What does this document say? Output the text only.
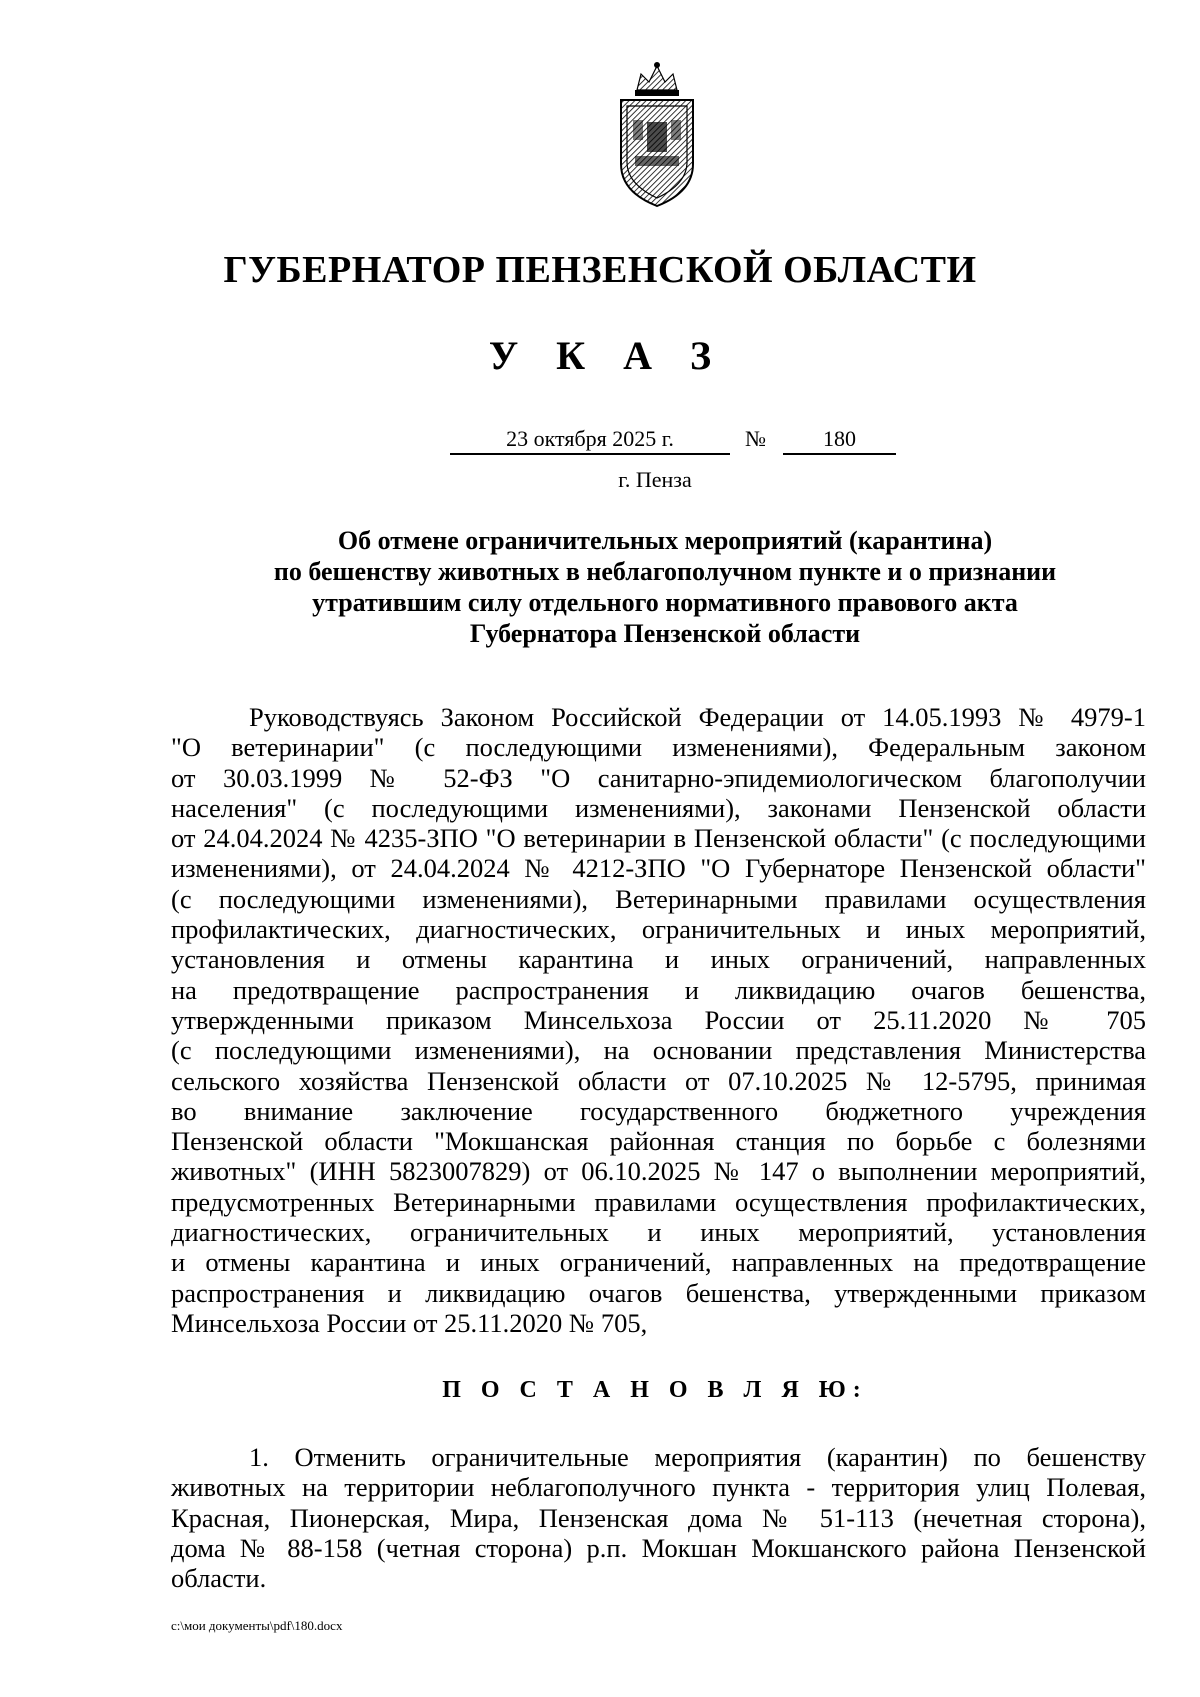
ГУБЕРНАТОР ПЕНЗЕНСКОЙ ОБЛАСТИ
У К А З
23 октября 2025 г.	№	180
г. Пенза
Об отмене ограничительных мероприятий (карантина)
по бешенству животных в неблагополучном пункте и о признании
утратившим силу отдельного нормативного правового акта
Губернатора Пензенской области
Руководствуясь Законом Российской Федерации от 14.05.1993 № 4979-1
"О ветеринарии" (с последующими изменениями), Федеральным законом
от 30.03.1999 № 52-ФЗ "О санитарно-эпидемиологическом благополучии
населения" (с последующими изменениями), законами Пензенской области
от 24.04.2024 № 4235-ЗПО "О ветеринарии в Пензенской области" (с последующими
изменениями), от 24.04.2024 № 4212-ЗПО "О Губернаторе Пензенской области"
(с последующими изменениями), Ветеринарными правилами осуществления
профилактических, диагностических, ограничительных и иных мероприятий,
установления и отмены карантина и иных ограничений, направленных
на предотвращение распространения и ликвидацию очагов бешенства,
утвержденными приказом Минсельхоза России от 25.11.2020 № 705
(с последующими изменениями), на основании представления Министерства
сельского хозяйства Пензенской области от 07.10.2025 № 12-5795, принимая
во внимание заключение государственного бюджетного учреждения
Пензенской области "Мокшанская районная станция по борьбе с болезнями
животных" (ИНН 5823007829) от 06.10.2025 № 147 о выполнении мероприятий,
предусмотренных Ветеринарными правилами осуществления профилактических,
диагностических, ограничительных и иных мероприятий, установления
и отмены карантина и иных ограничений, направленных на предотвращение
распространения и ликвидацию очагов бешенства, утвержденными приказом
Минсельхоза России от 25.11.2020 № 705,
П О С Т А Н О В Л Я Ю:
1. Отменить ограничительные мероприятия (карантин) по бешенству
животных на территории неблагополучного пункта - территория улиц Полевая,
Красная, Пионерская, Мира, Пензенская дома № 51-113 (нечетная сторона),
дома № 88-158 (четная сторона) р.п. Мокшан Мокшанского района Пензенской
области.
c:\мои документы\pdf\180.docx
